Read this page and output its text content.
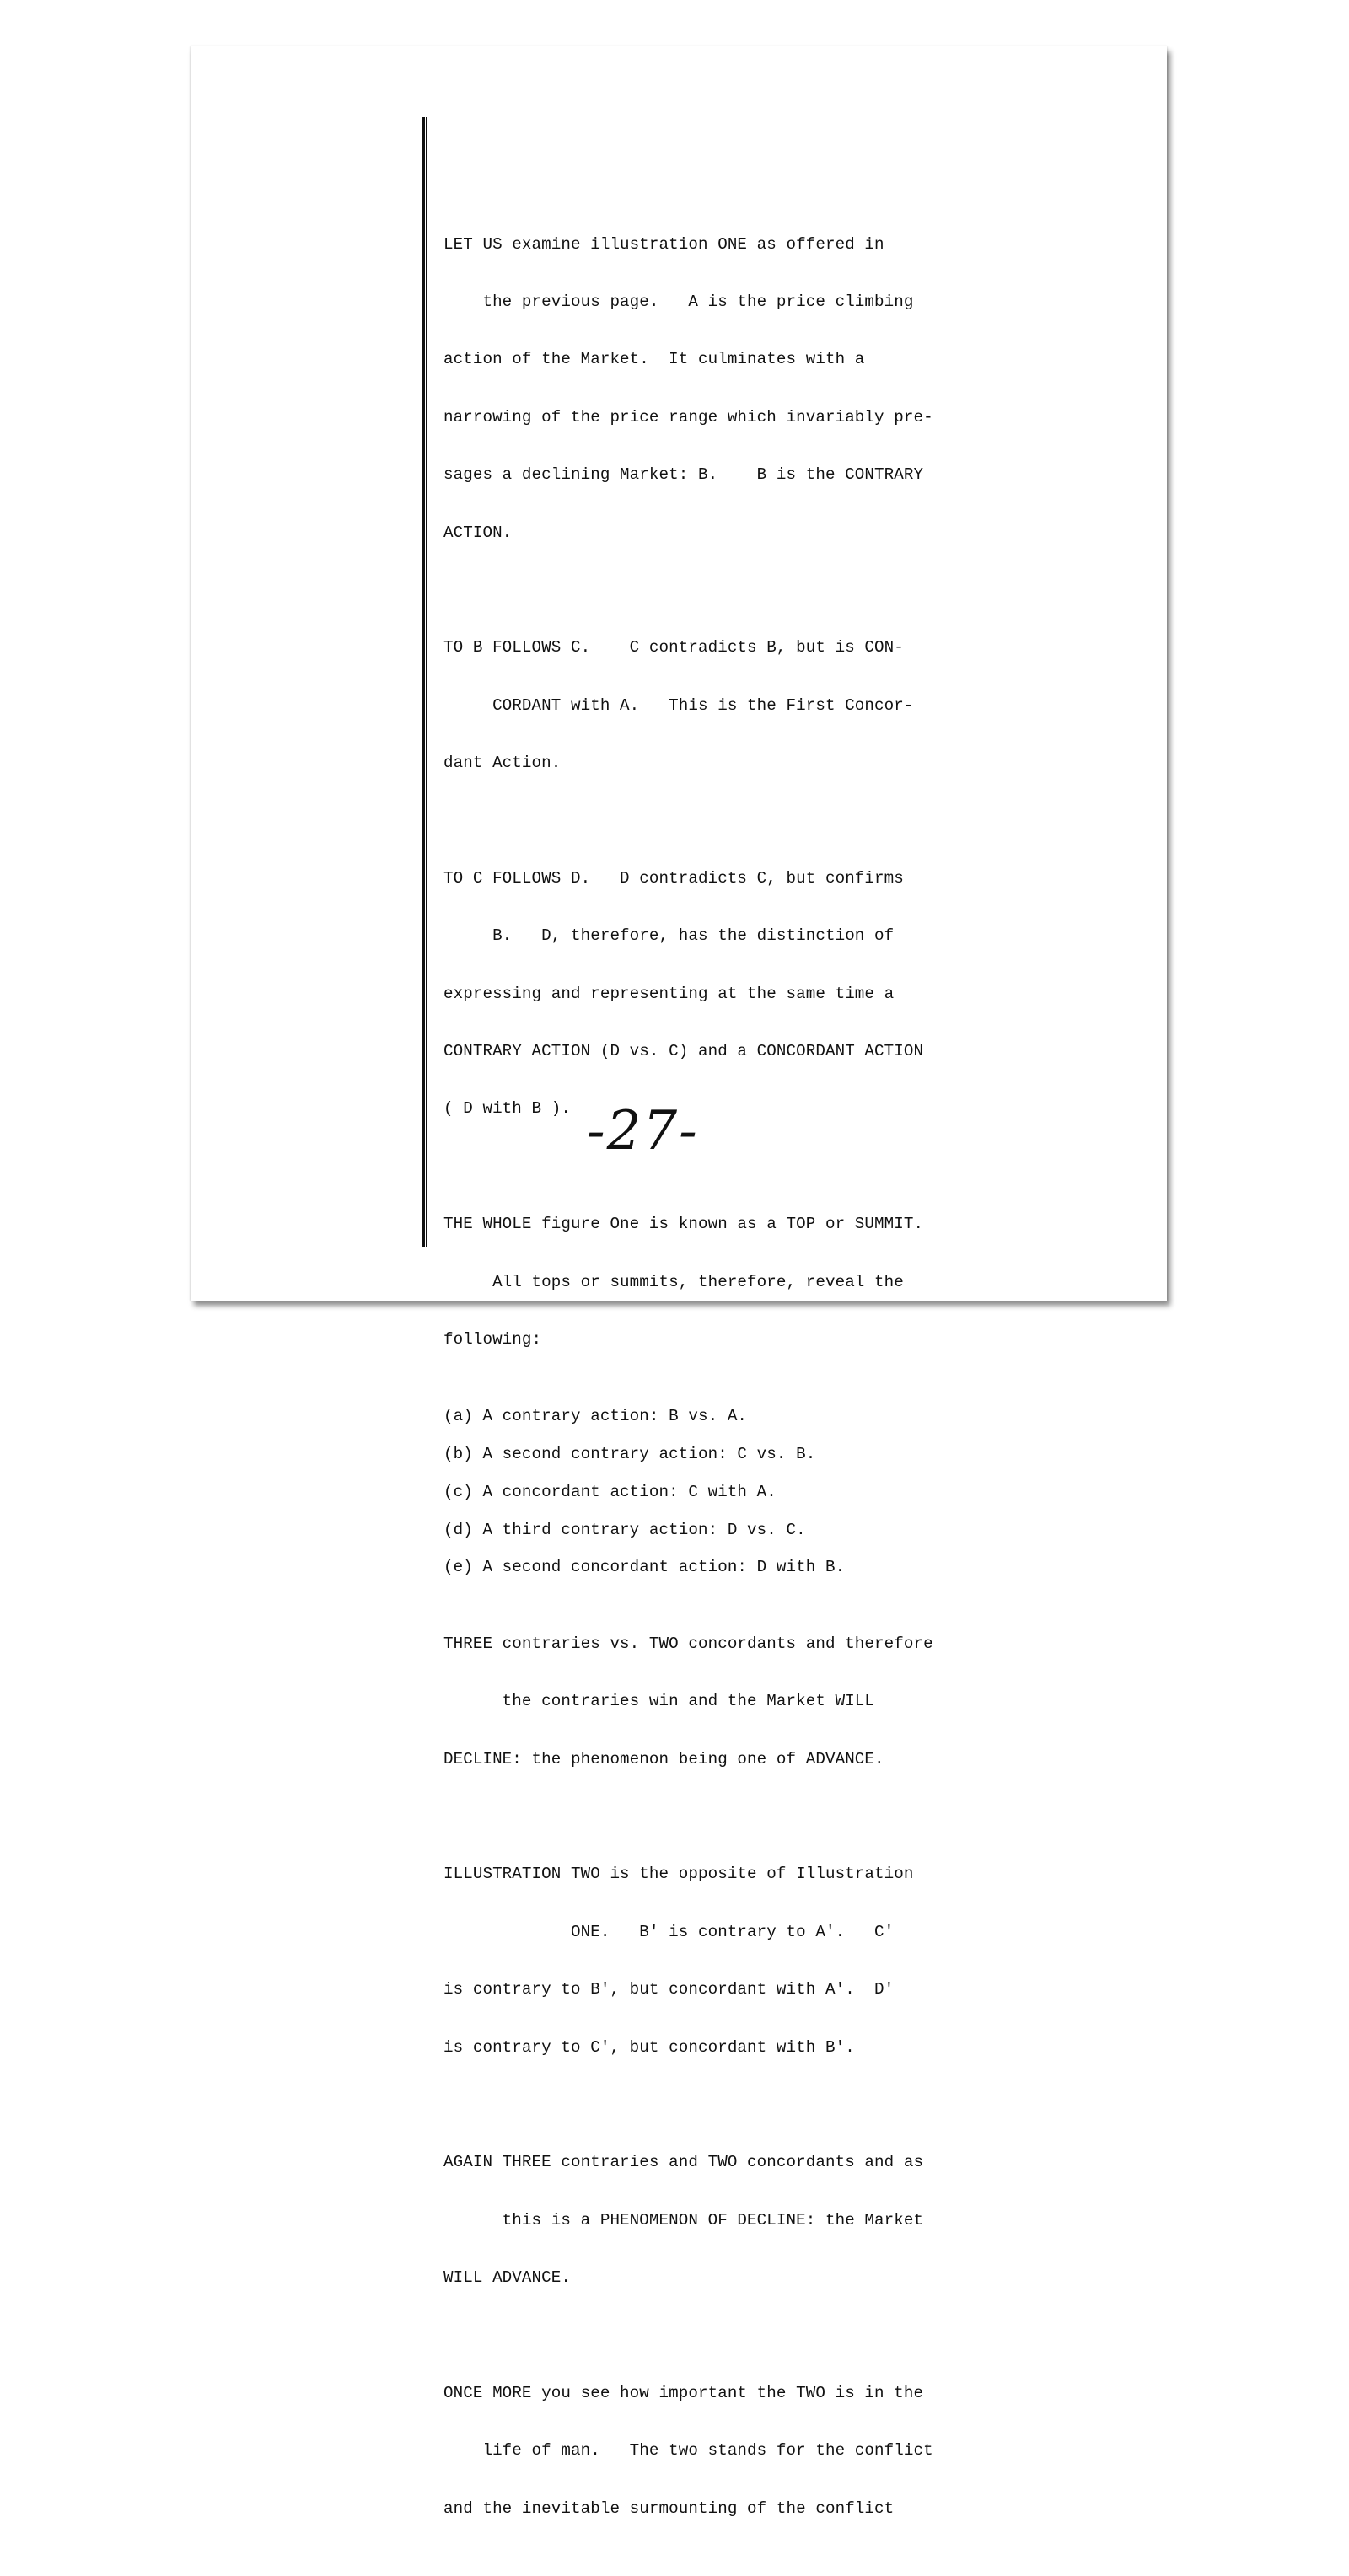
LET US examine illustration ONE as offered in

the previous page.   A is the price climbing

action of the Market.  It culminates with a

narrowing of the price range which invariably pre-

sages a declining Market: B.    B is the CONTRARY

ACTION.

TO B FOLLOWS C.    C contradicts B, but is CON-

CORDANT with A.   This is the First Concor-

dant Action.

TO C FOLLOWS D.   D contradicts C, but confirms

B.   D, therefore, has the distinction of

expressing and representing at the same time a

CONTRARY ACTION (D vs. C) and a CONCORDANT ACTION

( D with B ).

THE WHOLE figure One is known as a TOP or SUMMIT.

All tops or summits, therefore, reveal the

following:

(a) A contrary action: B vs. A.
(b) A second contrary action: C vs. B.
(c) A concordant action: C with A.
(d) A third contrary action: D vs. C.
(e) A second concordant action: D with B.

THREE contraries vs. TWO concordants and therefore

the contraries win and the Market WILL

DECLINE: the phenomenon being one of ADVANCE.

ILLUSTRATION TWO is the opposite of Illustration

ONE.   B' is contrary to A'.   C'

is contrary to B', but concordant with A'.  D'

is contrary to C', but concordant with B'.

AGAIN THREE contraries and TWO concordants and as

this is a PHENOMENON OF DECLINE: the Market

WILL ADVANCE.

ONCE MORE you see how important the TWO is in the

life of man.   The two stands for the conflict

and the inevitable surmounting of the conflict

-27-
